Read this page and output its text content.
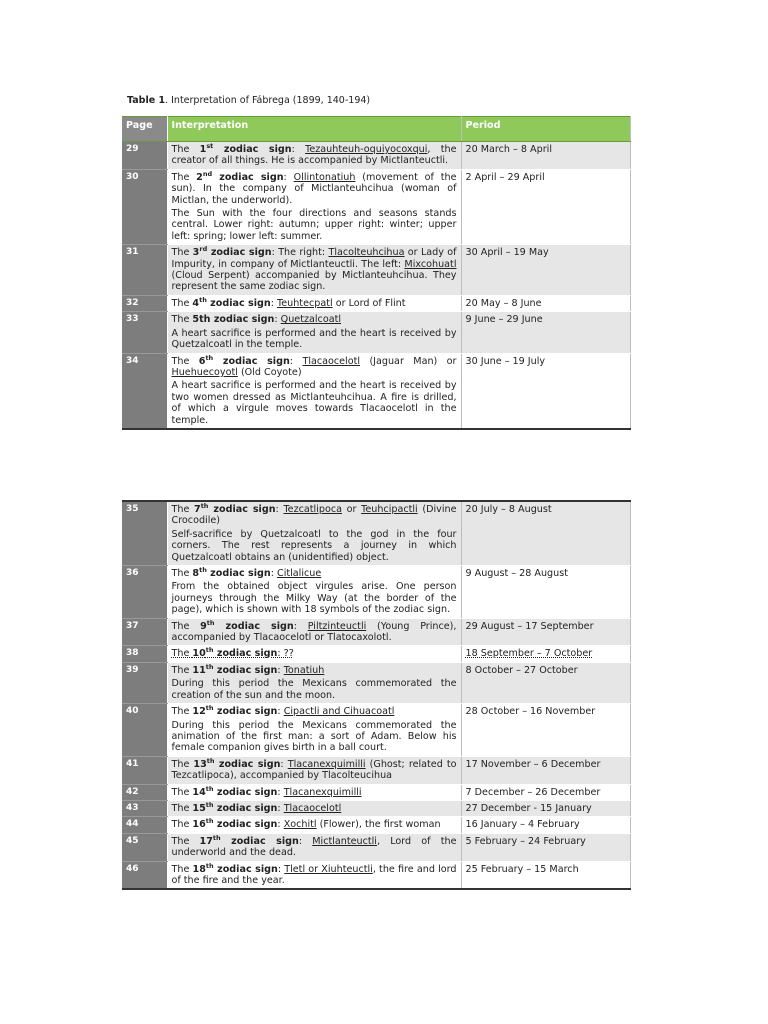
Table 1. Interpretation of Fábrega (1899, 140-194)
Page	Interpretation	Period
29	The 1st zodiac sign: Tezauhteuh-oquiyocoxqui, the creator of all things. He is accompanied by Mictlanteuctli.	20 March – 8 April
30	The 2nd zodiac sign: Ollintonatiuh (movement of the sun). In the company of Mictlanteuhcihua (woman of Mictlan, the underworld).
The Sun with the four directions and seasons stands central. Lower right: autumn; upper right: winter; upper left: spring; lower left: summer.	2 April – 29 April
31	The 3rd zodiac sign: The right: Tlacolteuhcihua or Lady of Impurity, in company of Mictlanteuctli. The left: Mixcohuatl (Cloud Serpent) accompanied by Mictlanteuhcihua. They represent the same zodiac sign.	30 April – 19 May
32	The 4th zodiac sign: Teuhtecpatl or Lord of Flint	20 May – 8 June
33	The 5th zodiac sign: Quetzalcoatl
A heart sacrifice is performed and the heart is received by Quetzalcoatl in the temple.	9 June – 29 June
34	The 6th zodiac sign: Tlacaocelotl (Jaguar Man) or Huehuecoyotl (Old Coyote)
A heart sacrifice is performed and the heart is received by two women dressed as Mictlanteuhcihua. A fire is drilled, of which a virgule moves towards Tlacaocelotl in the temple.	30 June – 19 July
35	The 7th zodiac sign: Tezcatlipoca or Teuhcipactli (Divine Crocodile)
Self-sacrifice by Quetzalcoatl to the god in the four corners. The rest represents a journey in which Quetzalcoatl obtains an (unidentified) object.	20 July – 8 August
36	The 8th zodiac sign: Citlalicue
From the obtained object virgules arise. One person journeys through the Milky Way (at the border of the page), which is shown with 18 symbols of the zodiac sign.	9 August – 28 August
37	The 9th zodiac sign: Piltzinteuctli (Young Prince), accompanied by Tlacaocelotl or Tlatocaxolotl.	29 August – 17 September
38	The 10th zodiac sign: ??	18 September – 7 October
39	The 11th zodiac sign: Tonatiuh
During this period the Mexicans commemorated the creation of the sun and the moon.	8 October – 27 October
40	The 12th zodiac sign: Cipactli and Cihuacoatl
During this period the Mexicans commemorated the animation of the first man: a sort of Adam. Below his female companion gives birth in a ball court.	28 October – 16 November
41	The 13th zodiac sign: Tlacanexquimilli (Ghost; related to Tezcatlipoca), accompanied by Tlacolteucihua	17 November – 6 December
42	The 14th zodiac sign: Tlacanexquimilli	7 December – 26 December
43	The 15th zodiac sign: Tlacaocelotl	27 December - 15 January
44	The 16th zodiac sign: Xochitl (Flower), the first woman	16 January – 4 February
45	The 17th zodiac sign: Mictlanteuctli, Lord of the underworld and the dead.	5 February – 24 February
46	The 18th zodiac sign: Tletl or Xiuhteuctli, the fire and lord of the fire and the year.	25 February – 15 March
